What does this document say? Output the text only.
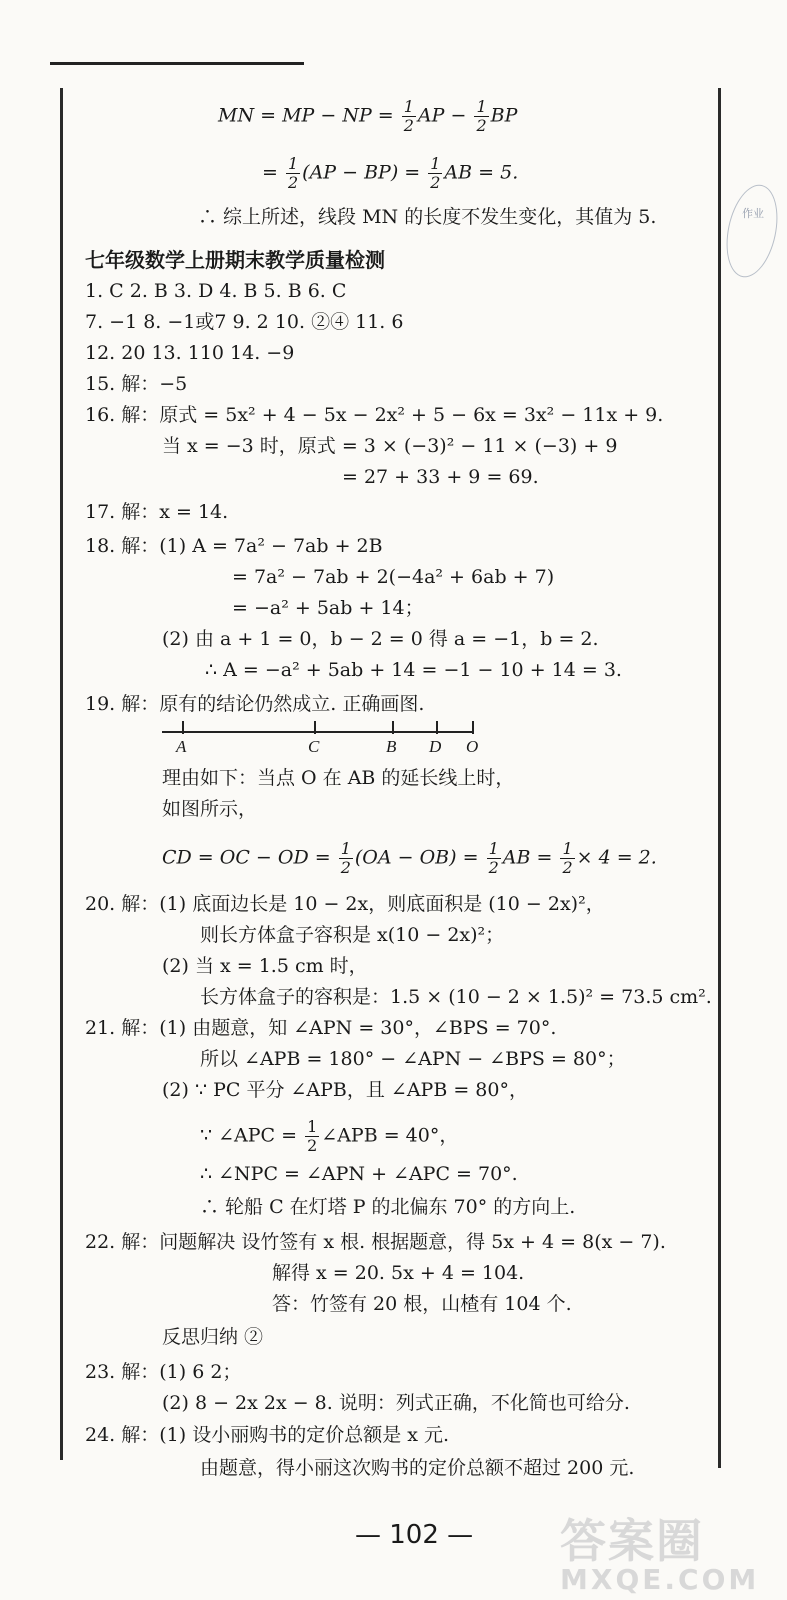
作业
MN = MP − NP = $\frac{1}{2}$ AP − $\frac{1}{2}$ BP
= $\frac{1}{2} (AP - BP) = \frac{1}{2}$ AB = 5.
∴ 综上所述，线段 MN 的长度不发生变化，其值为 5.
七年级数学上册期末教学质量检测
1. C 2. B 3. D 4. B 5. B 6. C
7. −1 8. −1或7 9. 2 10. ②④ 11. 6
12. 20 13. 110 14. −9
15. 解：−5
16. 解：原式 = 5x² + 4 − 5x − 2x² + 5 − 6x = 3x² − 11x + 9.
当 x = −3 时，原式 = 3 × (−3)² − 11 × (−3) + 9
= 27 + 33 + 9 = 69.
17. 解：x = 14.
18. 解：(1) A = 7a² − 7ab + 2B
= 7a² − 7ab + 2(−4a² + 6ab + 7)
= −a² + 5ab + 14；
(2) 由 a + 1 = 0，b − 2 = 0 得 a = −1，b = 2.
∴ A = −a² + 5ab + 14 = −1 − 10 + 14 = 3.
19. 解：原有的结论仍然成立. 正确画图.
A	C	B D O
理由如下：当点 O 在 AB 的延长线上时，
如图所示，
CD = OC − OD = $\frac{1}{2} (OA - OB) = \frac{1}{2}$ AB = $\frac{1}{2} \times 4 = 2$.
20. 解：(1) 底面边长是 10 − 2x，则底面积是 (10 − 2x)²，
则长方体盒子容积是 x(10 − 2x)²；
(2) 当 x = 1.5 cm 时，
长方体盒子的容积是：1.5 × (10 − 2 × 1.5)² = 73.5 cm².
21. 解：(1) 由题意，知 ∠APN = 30°，∠BPS = 70°.
所以 ∠APB = 180° − ∠APN − ∠BPS = 80°；
(2) ∵ PC 平分 ∠APB，且 ∠APB = 80°，
∵ ∠APC = $\frac{1}{2}$ ∠APB = 40°，
∴ ∠NPC = ∠APN + ∠APC = 70°.
∴ 轮船 C 在灯塔 P 的北偏东 70° 的方向上.
22. 解：问题解决 设竹签有 x 根. 根据题意，得 5x + 4 = 8(x − 7).
解得 x = 20. 5x + 4 = 104.
答：竹签有 20 根，山楂有 104 个.
反思归纳 ②
23. 解：(1) 6 2；
(2) 8 − 2x 2x − 8. 说明：列式正确，不化简也可给分.
24. 解：(1) 设小丽购书的定价总额是 x 元.
由题意，得小丽这次购书的定价总额不超过 200 元.
— 102 — 答案圈
MXQE.COM
